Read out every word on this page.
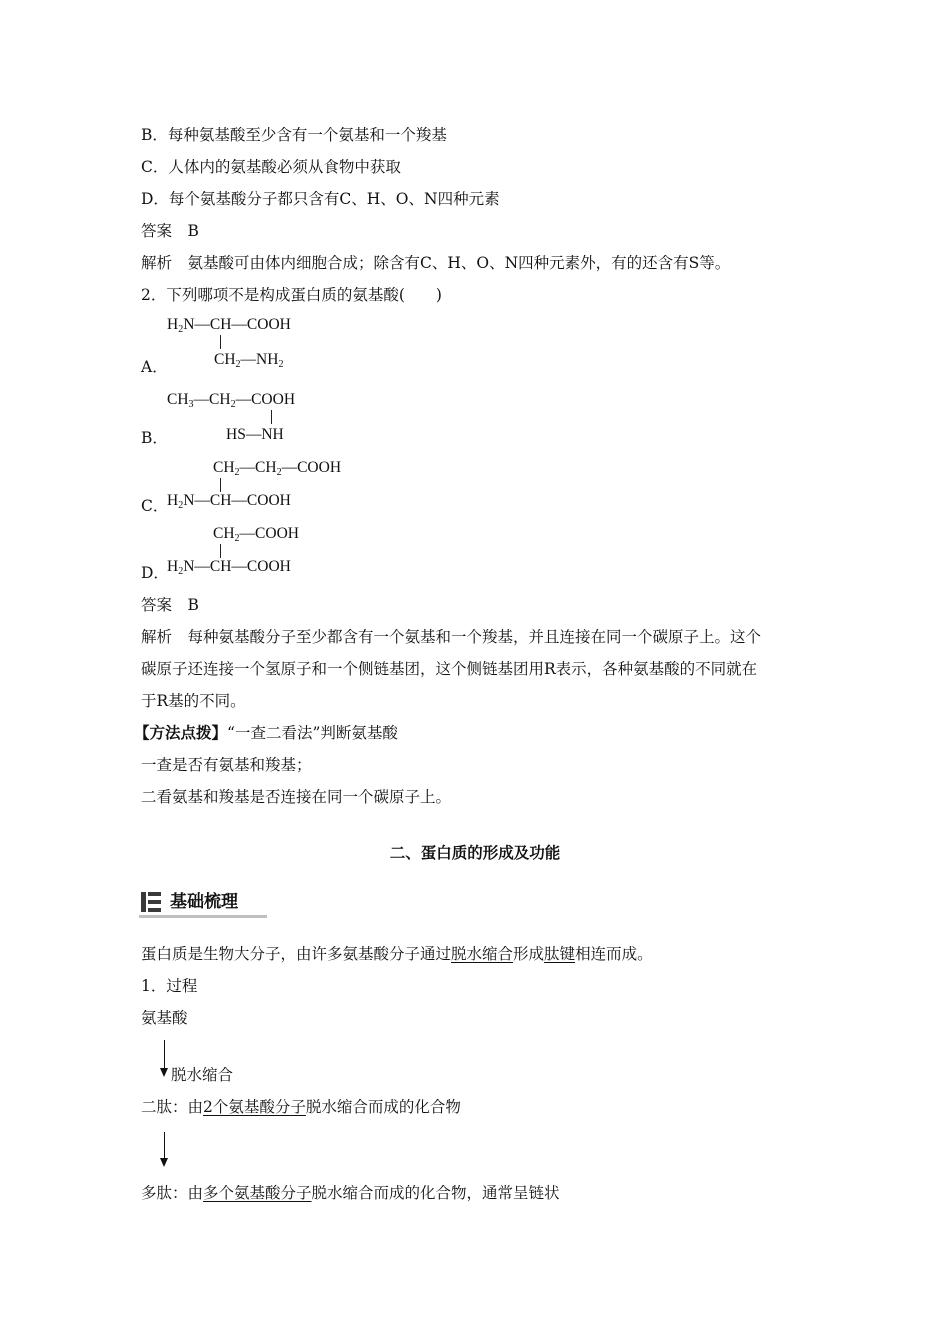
B．每种氨基酸至少含有一个氨基和一个羧基
C．人体内的氨基酸必须从食物中获取
D．每个氨基酸分子都只含有C、H、O、N四种元素
答案　B
解析　氨基酸可由体内细胞合成；除含有C、H、O、N四种元素外，有的还含有S等。
2．下列哪项不是构成蛋白质的氨基酸(　　)
$H_2N—CH—COOH$
$CH_2—NH_2$
A．
$CH_3—CH_2—COOH$
HS—NH
B．
$CH_2—CH_2—COOH$
$H_2N—CH—COOH$
C．
$CH_2—COOH$
$H_2N—CH—COOH$
D．
答案　B
解析　每种氨基酸分子至少都含有一个氨基和一个羧基，并且连接在同一个碳原子上。这个
碳原子还连接一个氢原子和一个侧链基团，这个侧链基团用R表示，各种氨基酸的不同就在
于R基的不同。
【方法点拨】“一查二看法”判断氨基酸
一查是否有氨基和羧基；
二看氨基和羧基是否连接在同一个碳原子上。
二、蛋白质的形成及功能
基础梳理
蛋白质是生物大分子，由许多氨基酸分子通过脱水缩合形成肽键相连而成。
1．过程
氨基酸
脱水缩合
二肽：由2个氨基酸分子脱水缩合而成的化合物
多肽：由多个氨基酸分子脱水缩合而成的化合物，通常呈链状
